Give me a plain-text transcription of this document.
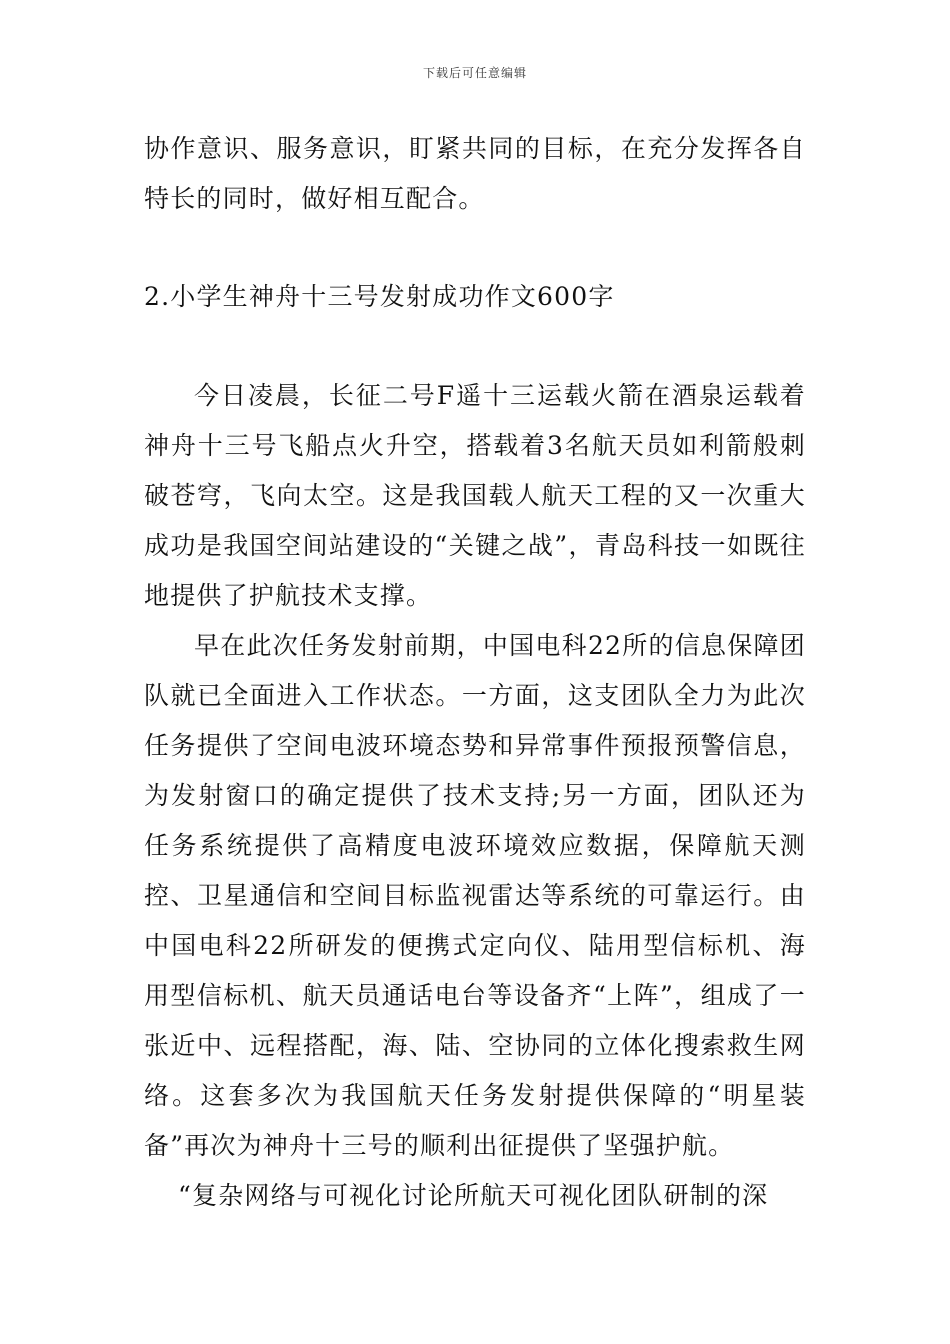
下载后可任意编辑

协作意识、服务意识，盯紧共同的目标，在充分发挥各自特长的同时，做好相互配合。

2.小学生神舟十三号发射成功作文600字

今日凌晨，长征二号F遥十三运载火箭在酒泉运载着神舟十三号飞船点火升空，搭载着3名航天员如利箭般刺破苍穹，飞向太空。这是我国载人航天工程的又一次重大成功是我国空间站建设的“关键之战”，青岛科技一如既往地提供了护航技术支撑。

早在此次任务发射前期，中国电科22所的信息保障团队就已全面进入工作状态。一方面，这支团队全力为此次任务提供了空间电波环境态势和异常事件预报预警信息，为发射窗口的确定提供了技术支持;另一方面，团队还为任务系统提供了高精度电波环境效应数据，保障航天测控、卫星通信和空间目标监视雷达等系统的可靠运行。由中国电科22所研发的便携式定向仪、陆用型信标机、海用型信标机、航天员通话电台等设备齐“上阵”，组成了一张近中、远程搭配，海、陆、空协同的立体化搜索救生网络。这套多次为我国航天任务发射提供保障的“明星装备”再次为神舟十三号的顺利出征提供了坚强护航。

“复杂网络与可视化讨论所航天可视化团队研制的深
